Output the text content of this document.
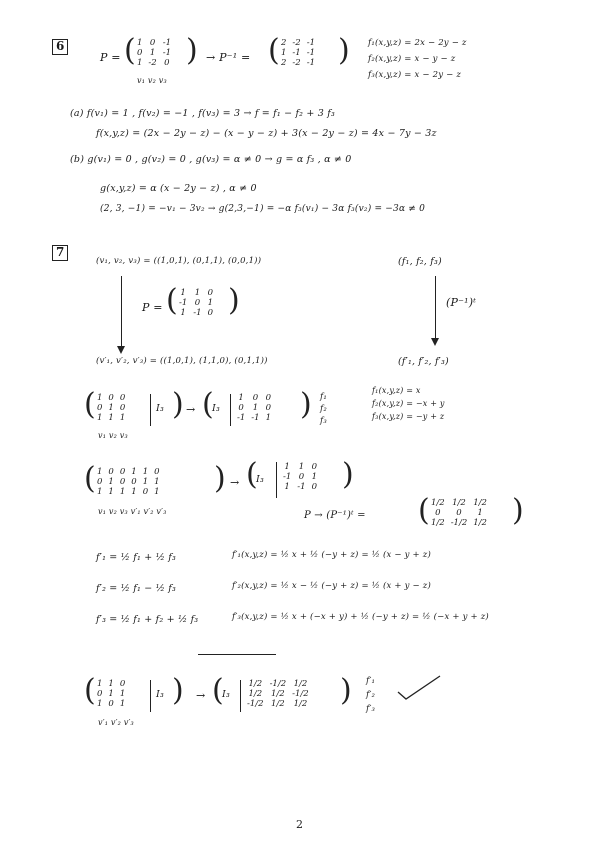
6
P = ( 1	0	-1
0	1	-1
1	-2	0 )
v₁ v₂ v₃
→ P⁻¹ = ( 2	-2	-1
1	-1	-1
2	-2	-1 ) f₁(x,y,z) = 2x − 2y − z
f₂(x,y,z) = x − y − z
f₃(x,y,z) = x − 2y − z
(a) f(v₁) = 1 , f(v₂) = −1 , f(v₃) = 3 → f = f₁ − f₂ + 3 f₃
f(x,y,z) = (2x − 2y − z) − (x − y − z) + 3(x − 2y − z) = 4x − 7y − 3z
(b) g(v₁) = 0 , g(v₂) = 0 , g(v₃) = α ≠ 0 → g = α f₃ , α ≠ 0
g(x,y,z) = α (x − 2y − z) , α ≠ 0
(2, 3, −1) = −v₁ − 3v₂ → g(2,3,−1) = −α f₃(v₁) − 3α f₃(v₂) = −3α ≠ 0
7
(v₁, v₂, v₃) = ((1,0,1), (0,1,1), (0,0,1))	(f₁, f₂, f₃)
P = ( 1	1	0
-1	0	1
1	-1	0 )	(P⁻¹)ᵗ
(v′₁, v′₂, v′₃) = ((1,0,1), (1,1,0), (0,1,1))	(f′₁, f′₂, f′₃)
( 1	0	0
0	1	0
1	1	1
I₃ )
v₁ v₂ v₃
→ (
I₃
1	0	0
0	1	0
-1	-1	1 ) f₁
f₂
f₃
f₁(x,y,z) = x
f₂(x,y,z) = −x + y
f₃(x,y,z) = −y + z
( 1	0	0	1	1	0
0	1	0	0	1	1
1	1	1	1	0	1 )
v₁ v₂ v₃ v′₁ v′₂ v′₃
→ (
I₃
1	1	0
-1	0	1
1	-1	0 )
P → (P⁻¹)ᵗ = ( 1/2	1/2	1/2
0	0	1
1/2	-1/2	1/2 )
f′₁ = ½ f₁ + ½ f₃
f′₂ = ½ f₁ − ½ f₃
f′₃ = ½ f₁ + f₂ + ½ f₃
f′₁(x,y,z) = ½ x + ½ (−y + z) = ½ (x − y + z)
f′₂(x,y,z) = ½ x − ½ (−y + z) = ½ (x + y − z)
f′₃(x,y,z) = ½ x + (−x + y) + ½ (−y + z) = ½ (−x + y + z)
( 1	1	0
0	1	1
1	0	1
I₃ )
v′₁ v′₂ v′₃
→ (
I₃
1/2	-1/2	1/2
1/2	1/2	-1/2
-1/2	1/2	1/2 ) f′₁
f′₂
f′₃
2
